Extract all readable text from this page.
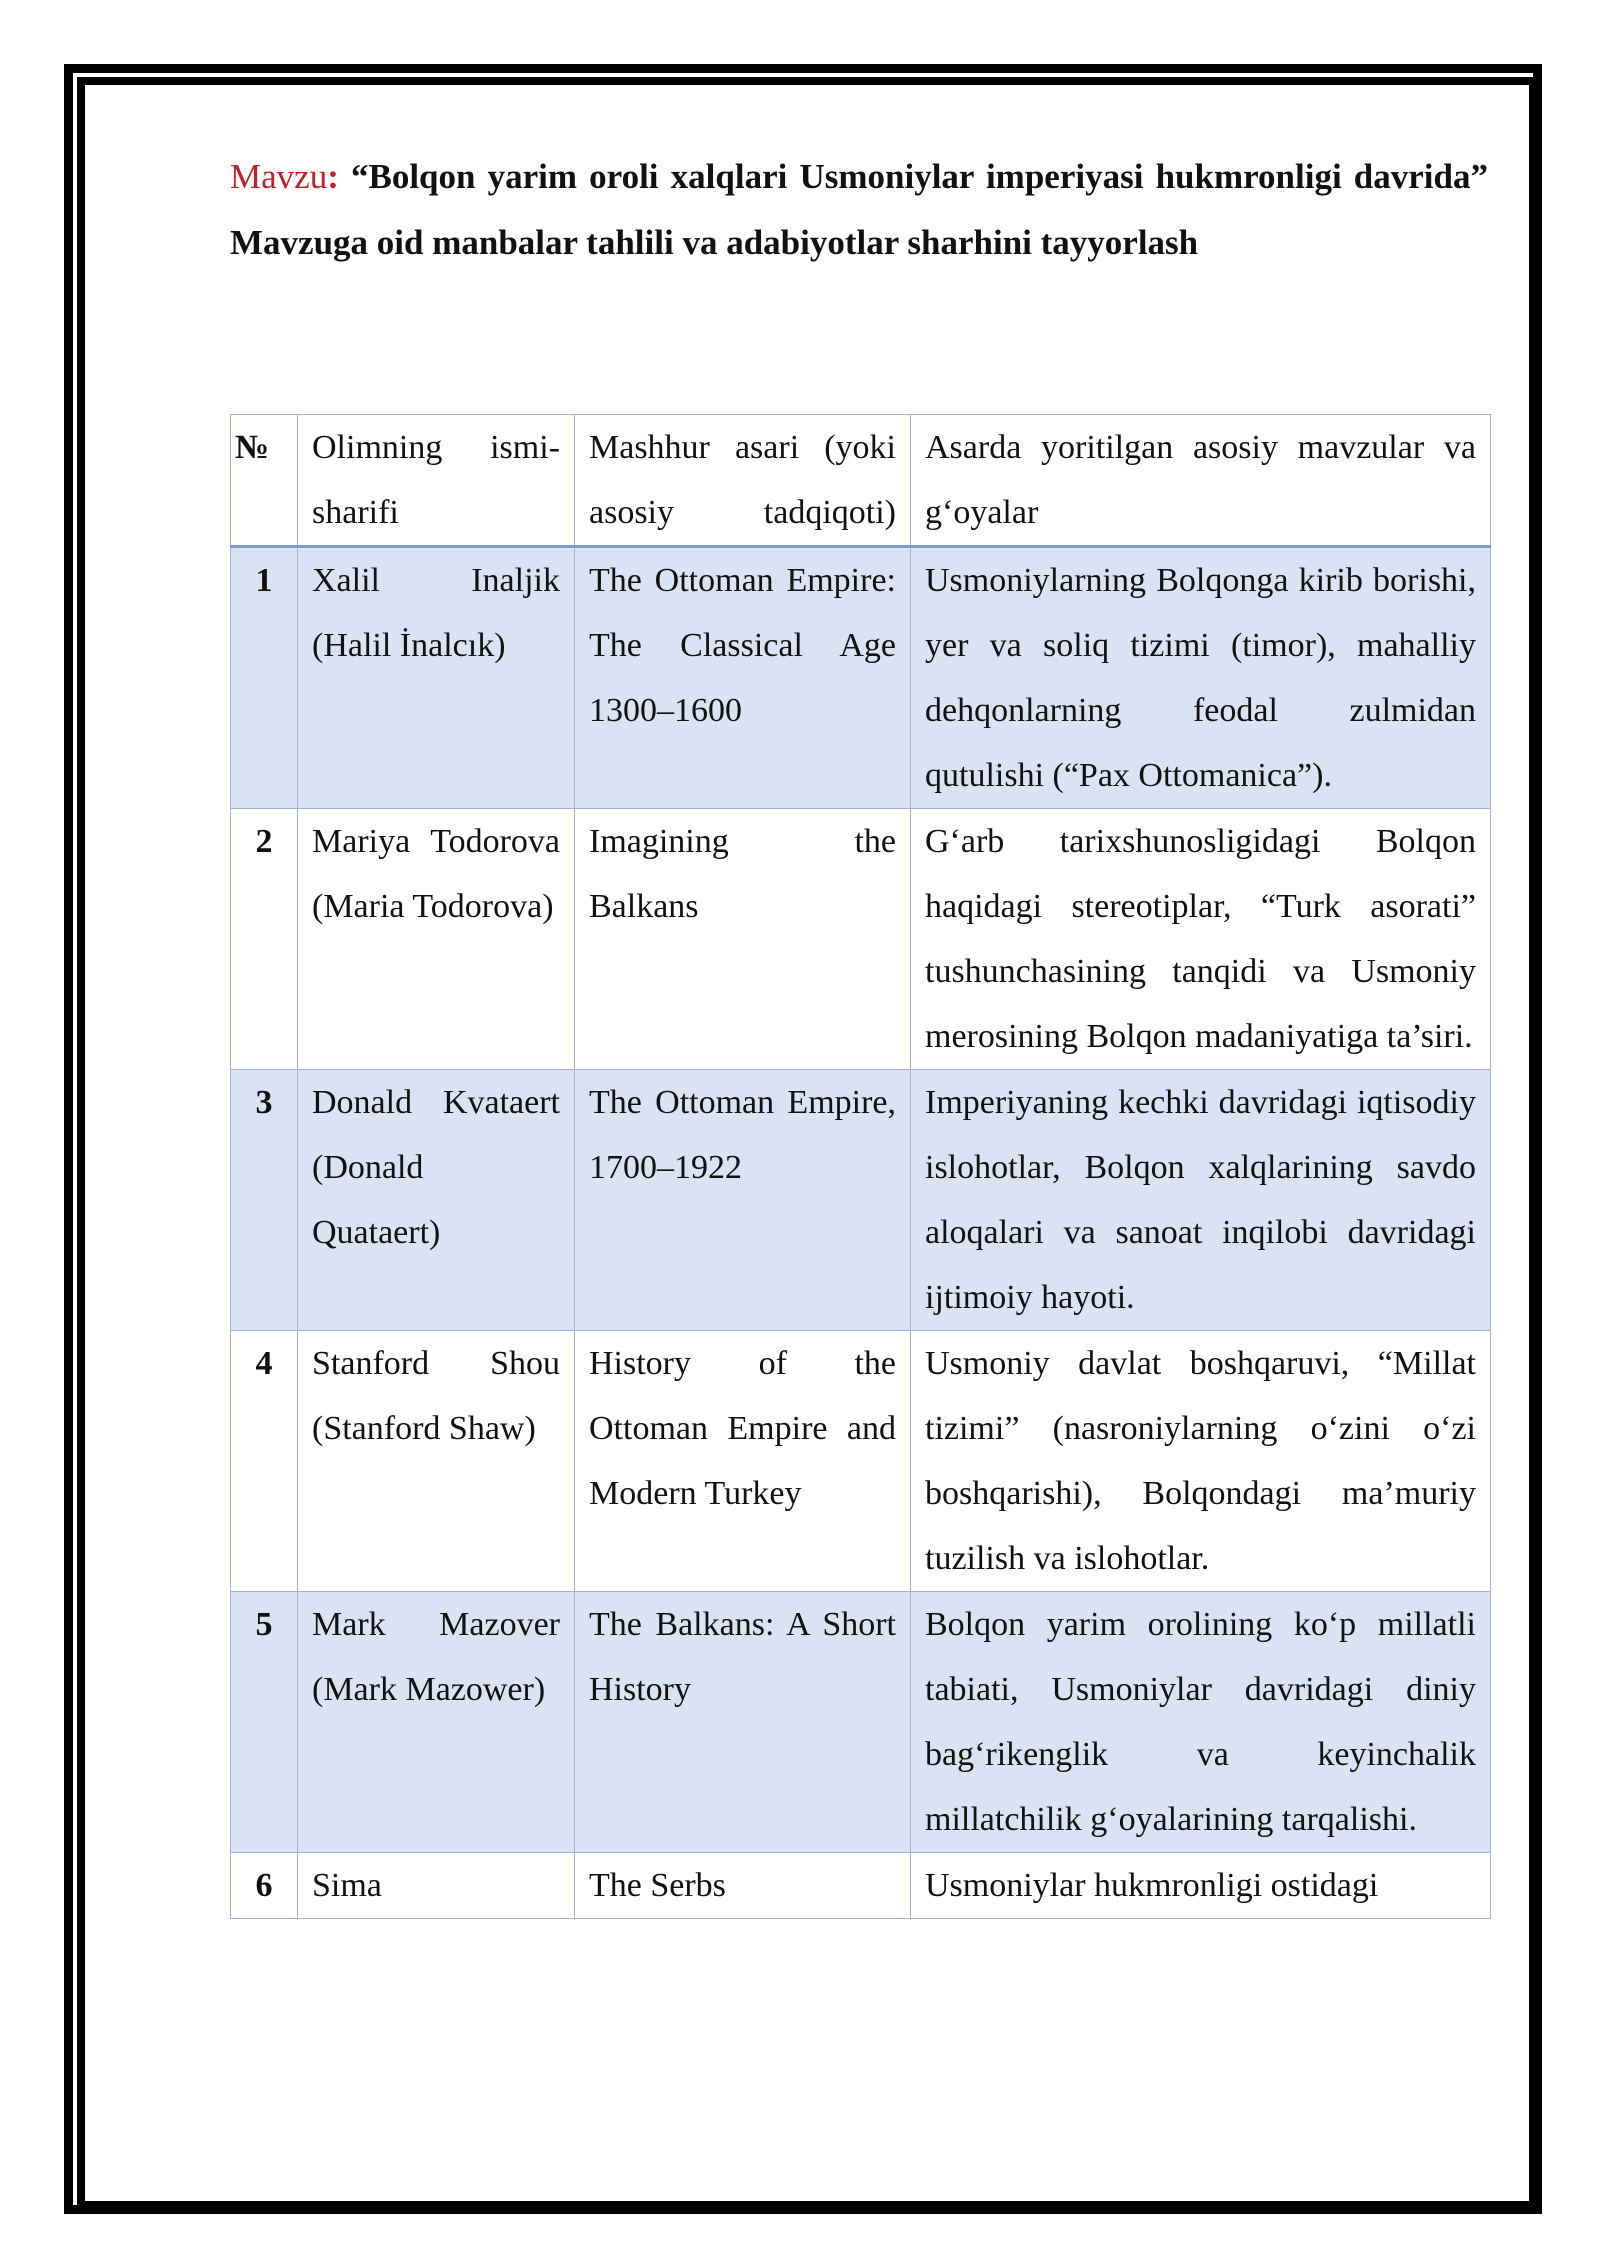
Mavzu: “Bolqon yarim oroli xalqlari Usmoniylar imperiyasi hukmronligi davrida” Mavzuga oid manbalar tahlili va adabiyotlar sharhini tayyorlash
№	Olimning ismi-sharifi	Mashhur asari (yoki asosiy tadqiqoti)	Asarda yoritilgan asosiy mavzular va g‘oyalar
1	Xalil Inaljik (Halil İnalcık)	The Ottoman Empire: The Classical Age 1300–1600	Usmoniylarning Bolqonga kirib borishi, yer va soliq tizimi (timor), mahalliy dehqonlarning feodal zulmidan qutulishi (“Pax Ottomanica”).
2	Mariya Todorova (Maria Todorova)	Imagining the Balkans	G‘arb tarixshunosligidagi Bolqon haqidagi stereotiplar, “Turk asorati” tushunchasining tanqidi va Usmoniy merosining Bolqon madaniyatiga ta’siri.
3	Donald Kvataert (Donald Quataert)	The Ottoman Empire, 1700–1922	Imperiyaning kechki davridagi iqtisodiy islohotlar, Bolqon xalqlarining savdo aloqalari va sanoat inqilobi davridagi ijtimoiy hayoti.
4	Stanford Shou (Stanford Shaw)	History of the Ottoman Empire and Modern Turkey	Usmoniy davlat boshqaruvi, “Millat tizimi” (nasroniylarning o‘zini o‘zi boshqarishi), Bolqondagi ma’muriy tuzilish va islohotlar.
5	Mark Mazover (Mark Mazower)	The Balkans: A Short History	Bolqon yarim orolining ko‘p millatli tabiati, Usmoniylar davridagi diniy bag‘rikenglik va keyinchalik millatchilik g‘oyalarining tarqalishi.
6	Sima	The Serbs	Usmoniylar hukmronligi ostidagi
